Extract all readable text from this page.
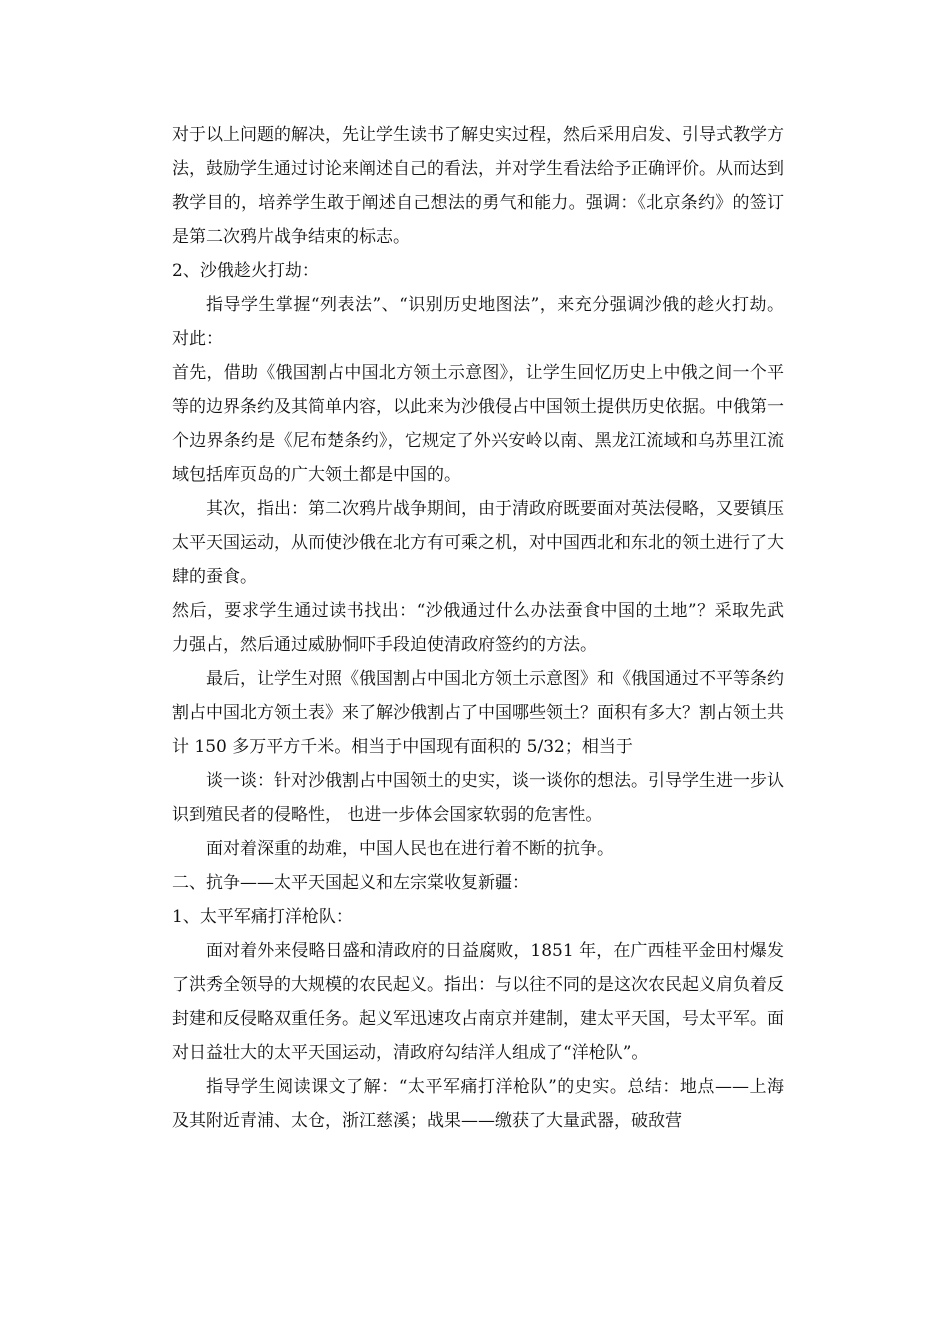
对于以上问题的解决，先让学生读书了解史实过程，然后采用启发、引导式教学方法，鼓励学生通过讨论来阐述自己的看法，并对学生看法给予正确评价。从而达到教学目的，培养学生敢于阐述自己想法的勇气和能力。强调：《北京条约》的签订是第二次鸦片战争结束的标志。

2、沙俄趁火打劫：

指导学生掌握“列表法”、“识别历史地图法”，来充分强调沙俄的趁火打劫。对此：

首先，借助《俄国割占中国北方领土示意图》，让学生回忆历史上中俄之间一个平等的边界条约及其简单内容，以此来为沙俄侵占中国领土提供历史依据。中俄第一个边界条约是《尼布楚条约》，它规定了外兴安岭以南、黑龙江流域和乌苏里江流域包括库页岛的广大领土都是中国的。

其次，指出：第二次鸦片战争期间，由于清政府既要面对英法侵略，又要镇压太平天国运动，从而使沙俄在北方有可乘之机，对中国西北和东北的领土进行了大肆的蚕食。

然后，要求学生通过读书找出：“沙俄通过什么办法蚕食中国的土地”？采取先武力强占，然后通过威胁恫吓手段迫使清政府签约的方法。

最后，让学生对照《俄国割占中国北方领土示意图》和《俄国通过不平等条约割占中国北方领土表》来了解沙俄割占了中国哪些领土？面积有多大？割占领土共计 150 多万平方千米。相当于中国现有面积的 5/32；相当于

谈一谈：针对沙俄割占中国领土的史实，谈一谈你的想法。引导学生进一步认识到殖民者的侵略性， 也进一步体会国家软弱的危害性。

面对着深重的劫难，中国人民也在进行着不断的抗争。

二、抗争——太平天国起义和左宗棠收复新疆：

1、太平军痛打洋枪队：

面对着外来侵略日盛和清政府的日益腐败，1851 年，在广西桂平金田村爆发了洪秀全领导的大规模的农民起义。指出：与以往不同的是这次农民起义肩负着反封建和反侵略双重任务。起义军迅速攻占南京并建制，建太平天国，号太平军。面对日益壮大的太平天国运动，清政府勾结洋人组成了“洋枪队”。

指导学生阅读课文了解：“太平军痛打洋枪队”的史实。总结：地点——上海及其附近青浦、太仓，浙江慈溪；战果——缴获了大量武器，破敌营
